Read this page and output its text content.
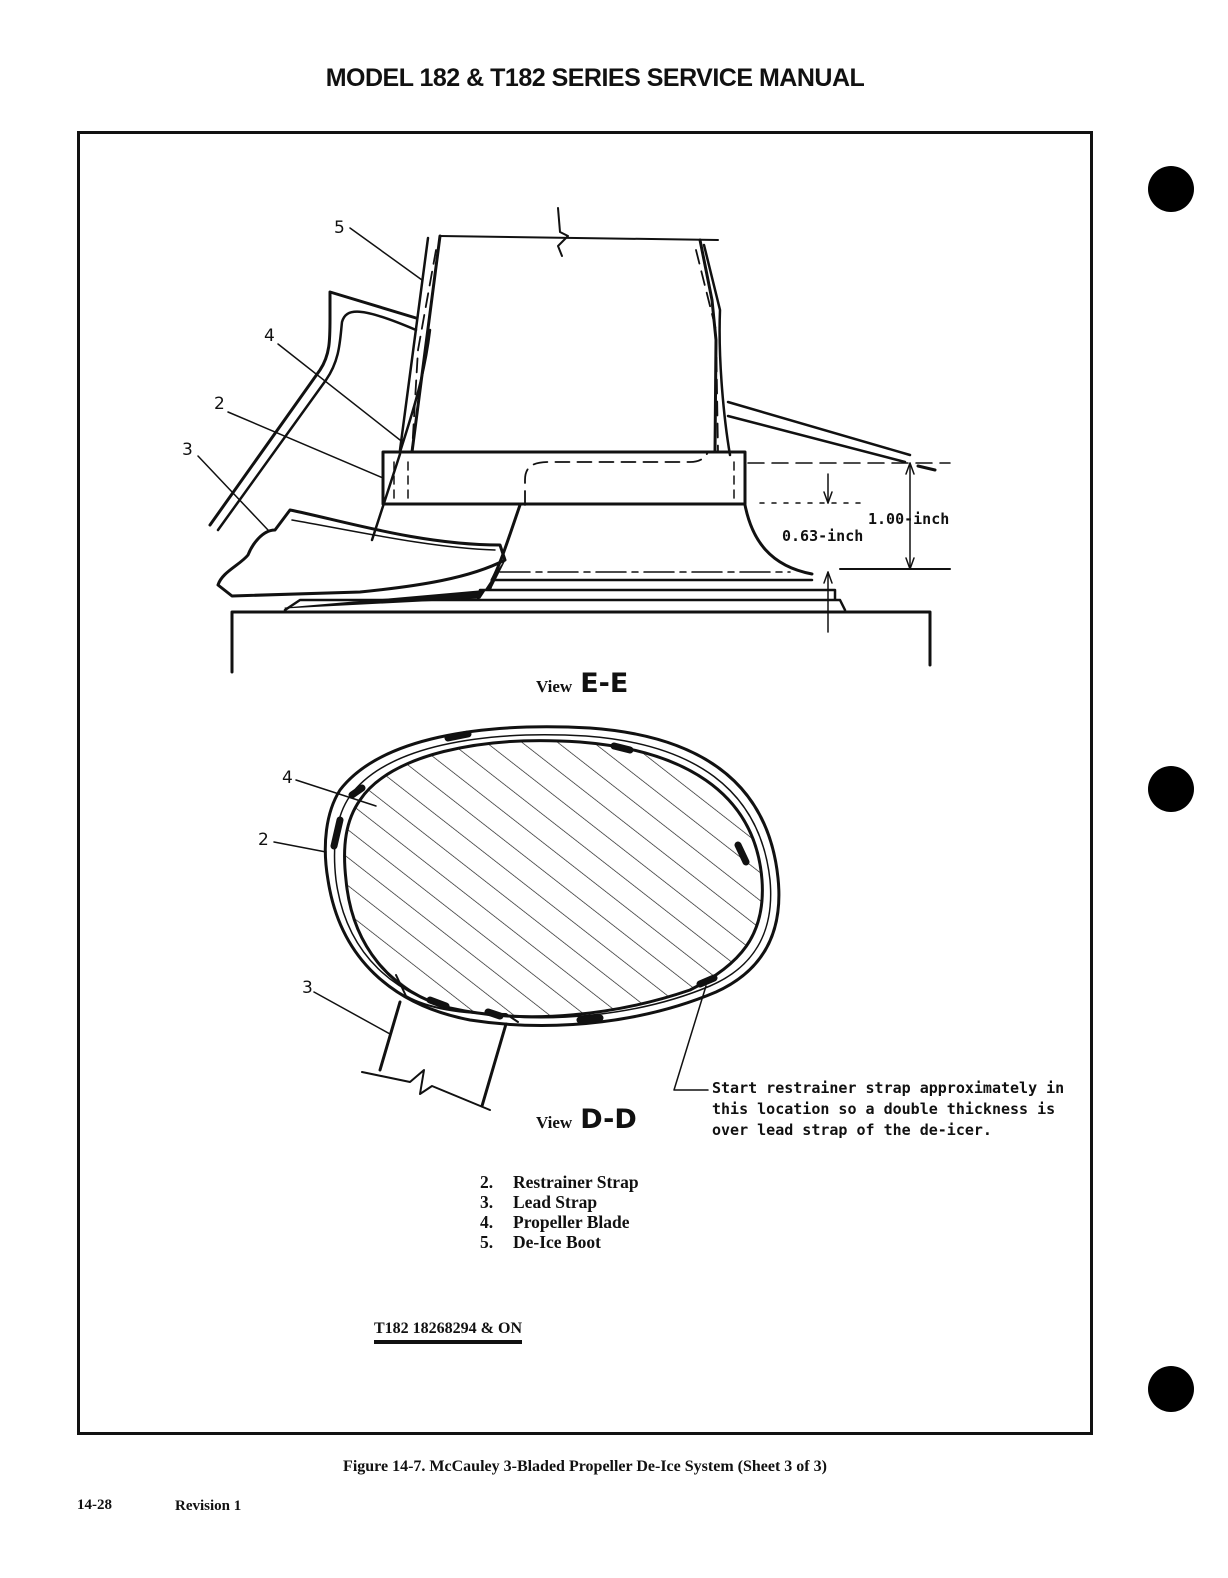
MODEL 182 & T182 SERIES SERVICE MANUAL
5
4
2
3
1.00-inch
0.63-inch
View E-E
4
2
3
View D-D
Start restrainer strap approximately in this location so a double thickness is over lead strap of the de-icer.
2.	Restrainer Strap
3.	Lead Strap
4.	Propeller Blade
5.	De-Ice Boot
T182 18268294 & ON
Figure 14-7. McCauley 3-Bladed Propeller De-Ice System (Sheet 3 of 3)
14-28	Revision 1
